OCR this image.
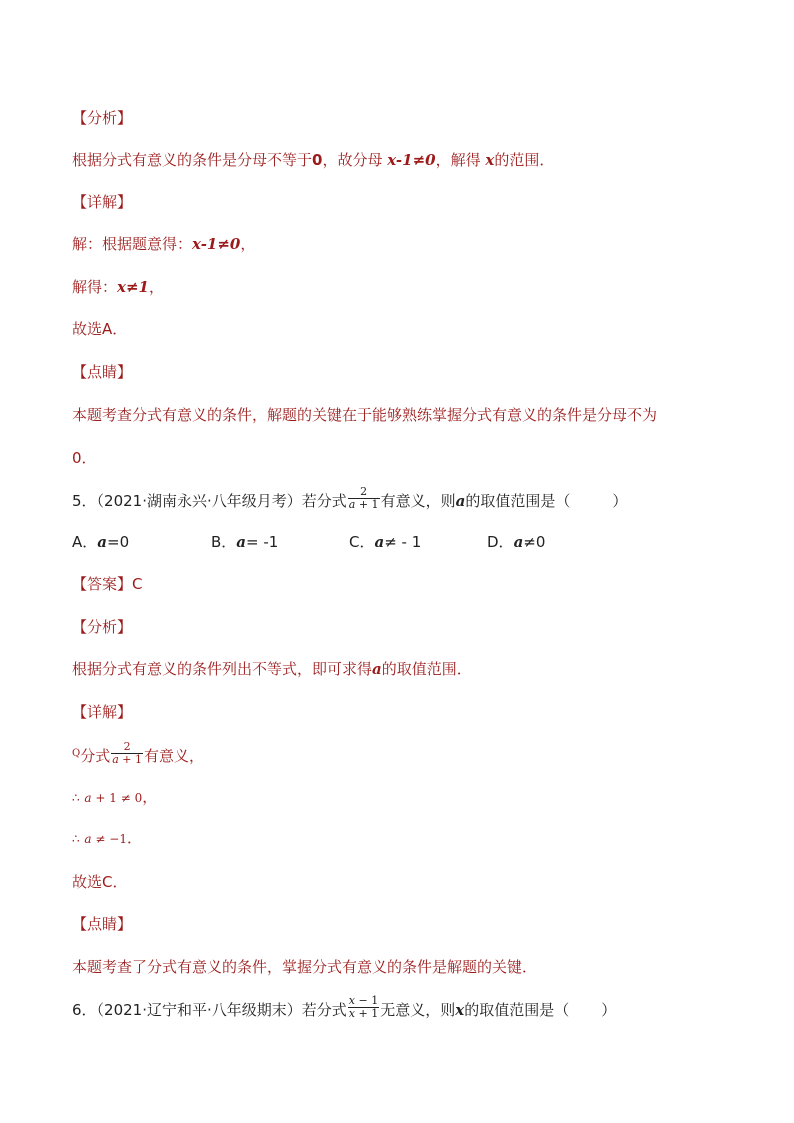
【分析】
根据分式有意义的条件是分母不等于0，故分母 x-1≠0，解得 x的范围．
【详解】
解：根据题意得：x-1≠0，
解得：x≠1，
故选A．
【点睛】
本题考查分式有意义的条件，解题的关键在于能够熟练掌握分式有意义的条件是分母不为
0．
5．（2021·湖南永兴·八年级月考）若分式 $\frac{2}{a + 1}$ 有意义，则a的取值范围是（	）
A．a=0	B．a= -1	C．a≠ - 1	D．a≠0
【答案】C
【分析】
根据分式有意义的条件列出不等式，即可求得a的取值范围．
【详解】
$^Q$分式 $\frac{2}{a + 1}$ 有意义，
∴ a + 1 ≠ 0，
∴ a ≠ −1．
故选C．
【点睛】
本题考查了分式有意义的条件，掌握分式有意义的条件是解题的关键．
6．（2021·辽宁和平·八年级期末）若分式 $\frac{x - 1}{x + 1}$ 无意义，则x的取值范围是（ ）
